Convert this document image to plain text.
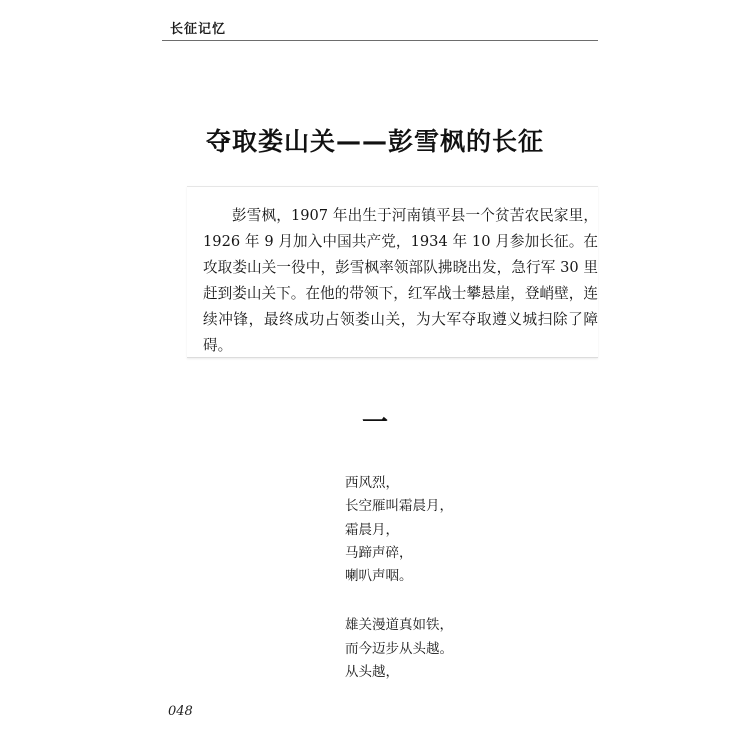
长征记忆
夺取娄山关——彭雪枫的长征
彭雪枫，1907 年出生于河南镇平县一个贫苦农民家里，1926 年 9 月加入中国共产党，1934 年 10 月参加长征。在攻取娄山关一役中，彭雪枫率领部队拂晓出发，急行军 30 里赶到娄山关下。在他的带领下，红军战士攀悬崖，登峭壁，连续冲锋，最终成功占领娄山关，为大军夺取遵义城扫除了障碍。
一
西风烈，
长空雁叫霜晨月，
霜晨月，
马蹄声碎，
喇叭声咽。
雄关漫道真如铁，
而今迈步从头越。
从头越，
048
